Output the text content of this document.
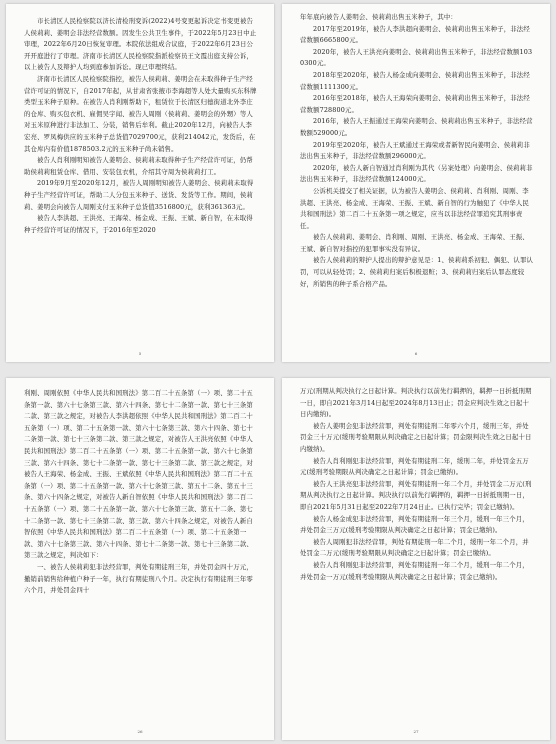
市长清区人民检察院以济长清检刑变诉(2022)4号变更起诉决定书变更被告人侯莉莉、姜明会非法经营数额。因发生公共卫生事件，于2022年5月23日中止审理，2022年6月20日恢复审理。本院依法组成合议庭，于2022年6月23日公开开庭进行了审理。济南市长清区人民检察院指派检察员王文霞出庭支持公诉，以上被告人及辩护人均到庭参加诉讼。现已审理终结。

济南市长清区人民检察院指控，被告人侯莉莉、姜明会在未取得种子生产经营许可证的情况下，自2017年起，从甘肃省张掖市李海超等人处大量购买东科牌类型玉米种子原种。在被告人肖利刚帮助下，租赁位于长清区归德街道北外李庄的仓库、购买包衣机、雇佣吴宇闻、被告人周刚（侯莉莉、姜明会的外甥）等人对玉米原种进行非法加工、分装，销售后牟利。截止2020年12月，向被告人李宏亮、罗凤梅供应的玉米种子总货值7029700元，获利214042元，发货后，在其仓库内有价值1878503.2元的玉米种子尚未销售。

被告人肖利刚明知被告人姜明会、侯莉莉未取得种子生产经营许可证，仍帮助侯莉莉租赁仓库、借用、安装包衣机，介绍其守周为侯莉莉打工。

2019年9月至2020年12月，被告人周刚明知被告人姜明会、侯莉莉未取得种子生产经营许可证，帮助二人分包玉米种子、送货、发货等工作。期间，侯莉莉、姜明会向被告人周刚支付玉米种子总货值3516800元，获利361363元。

被告人李洪超、王洪亮、王海荣、杨金成、王振、王斌、新自智，在未取得种子经营许可证的情况下，于2016年至2020

5

年年底向被告人姜明会、侯莉莉出售玉米种子，其中：

2017年至2019年，被告人李洪超向姜明会、侯莉莉出售玉米种子，非法经营数额6665800元。

2020年，被告人王洪亮向姜明会、侯莉莉出售玉米种子，非法经营数额1030300元。

2018年至2020年，被告人杨金成向姜明会、侯莉莉出售玉米种子，非法经营数额1111300元。

2016年至2018年，被告人王海荣向姜明会、侯莉莉出售玉米种子，非法经营数额728800元。

2016年，被告人王振通过王海荣向姜明会、侯莉莉出售玉米种子，非法经营数额529000元。

2019年至2020年，被告人王斌通过王海荣或者新智民向姜明会、侯莉莉非法出售玉米种子，非法经营数额296000元。

2020年，被告人新自智通过肖利刚为其代（另案处理）向姜明会、侯莉莉非法出售玉米种子，非法经营数额124000元。

公诉机关提交了相关证据，认为被告人姜明会、侯莉莉、肖利刚、周刚、李洪超、王洪亮、杨金成、王海荣、王振、王斌、新自智的行为触犯了《中华人民共和国刑法》第二百二十五条第一项之规定，应当以非法经营罪追究其刑事责任。

被告人侯莉莉、姜明会、肖利刚、周刚、王洪亮、杨金成、王海荣、王振、王斌、新自智对指控的犯罪事实没有异议。

被告人侯莉莉的辩护人提出的辩护意见是：1、侯莉莉系初犯、偶犯、认罪认罚，可以从轻处罚；2、侯莉莉归案后积极退赃；3、侯莉莉归案后认罪态度较好，所销售的种子系合格产品。

6

利刚、周刚依照《中华人民共和国刑法》第二百二十五条第（一）项、第二十五条第一款、第六十七条第三款、第六十四条、第七十二条第一款、第七十三条第二款、第三款之规定，对被告人李洪超依照《中华人民共和国刑法》第二百二十五条第（一）项、第二十五条第一款、第六十七条第三款、第六十四条、第七十二条第一款、第七十三条第二款、第三款之规定，对被告人王洪亮依照《中华人民共和国刑法》第二百二十五条第（一）项、第二十五条第一款、第六十七条第三款、第六十四条、第七十二条第一款、第七十三条第二款、第三款之规定，对被告人王海荣、杨金成、王振、王斌依照《中华人民共和国刑法》第二百二十五条第（一）项、第二十五条第一款、第六十七条第三款、第五十二条、第五十三条、第六十四条之规定，对被告人新自智依照《中华人民共和国刑法》第二百二十五条第（一）项、第二十五条第一款、第六十七条第三款、第五十二条、第七十二条第一款、第七十三条第二款、第三款、第六十四条之规定，对被告人新自智依照《中华人民共和国刑法》第二百二十五条第（一）项、第二十五条第一款、第六十七条第三款、第六十四条、第七十二条第一款、第七十三条第二款、第三款之规定，判决如下：

一、被告人侯莉莉犯非法经营罪，判处有期徒刑三年，并处罚金四十万元，撤销前销售给种植户种子一年，执行有期徒刑八个月。决定执行有期徒刑三年零六个月，并处罚金四十

26

万元(刑期从判决执行之日起计算。判决执行以前先行羁押的，羁押一日折抵刑期一日，即自2021年3月14日起至2024年8月13日止；罚金应判决生效之日起十日内缴纳)。

被告人姜明会犯非法经营罪，判处有期徒刑二年零六个月，缓刑三年，并处罚金三十万元(缓刑考验期限从判决确定之日起计算；罚金限判决生效之日起十日内缴纳)。

被告人肖利刚犯非法经营罪，判处有期徒刑二年，缓刑二年，并处罚金五万元(缓刑考验期限从判决确定之日起计算；罚金已缴纳)。

被告人王洪亮犯非法经营罪，判处有期徒刑一年二个月，并处罚金二万元(刑期从判决执行之日起计算。判决执行以前先行羁押的，羁押一日折抵刑期一日，即自2021年5月31日起至2022年7月24日止。已执行完毕；罚金已缴纳)。

被告人杨金成犯非法经营罪，判处有期徒刑一年三个月，缓刑一年三个月，并处罚金三万元(缓刑考验期限从判决确定之日起计算；罚金已缴纳)。

被告人周刚犯非法经营罪，判处有期徒刑一年二个月，缓刑一年二个月，并处罚金二万元(缓刑考验期限从判决确定之日起计算；罚金已缴纳)。

被告人肖利刚犯非法经营罪，判处有期徒刑一年二个月，缓刑一年二个月，并处罚金一万元(缓刑考验期限从判决确定之日起计算；罚金已缴纳)。

27
